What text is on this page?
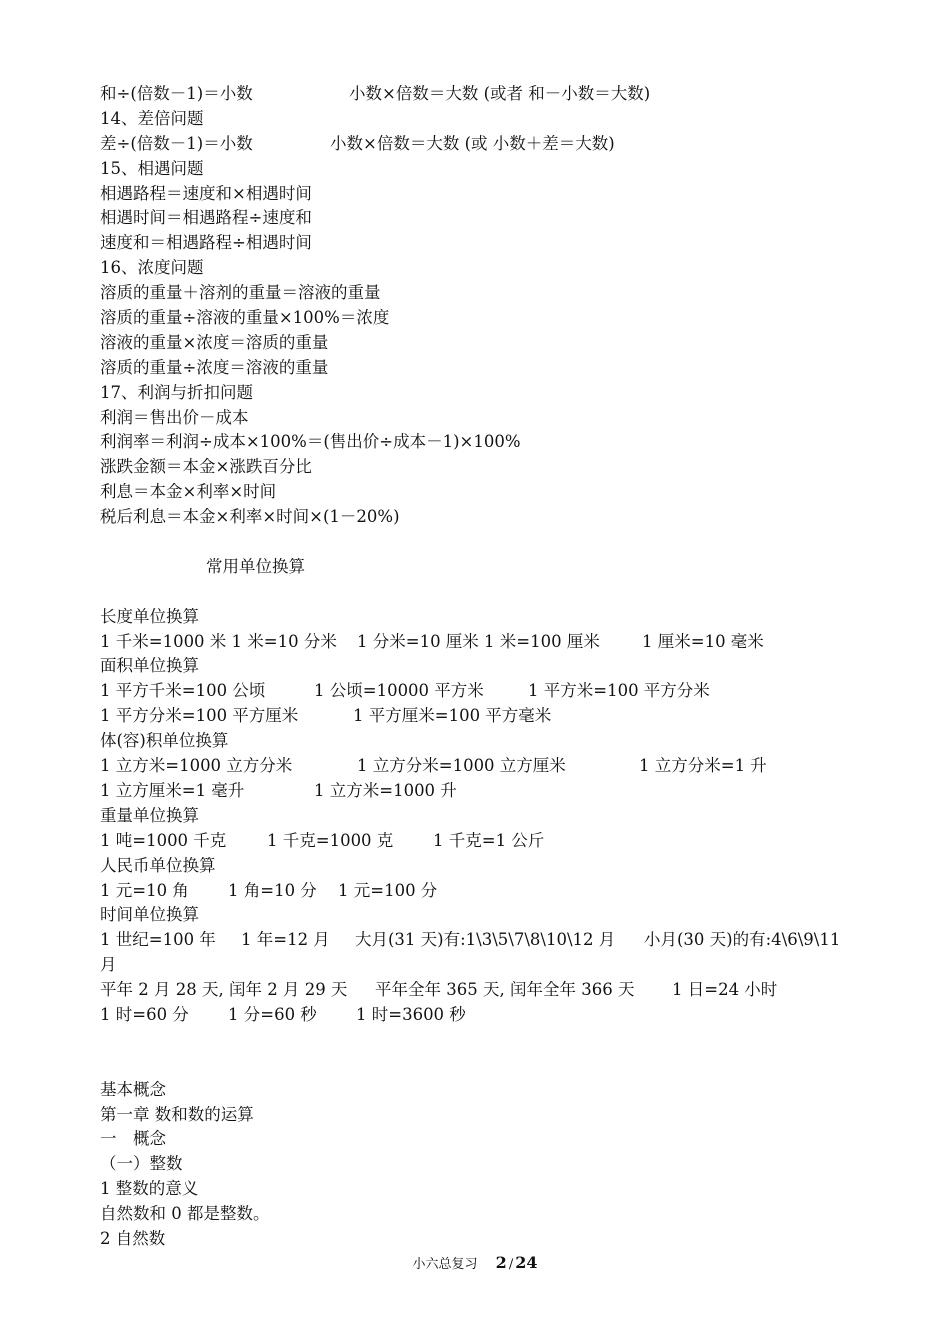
和÷(倍数－1)＝小数	小数×倍数＝大数 (或者 和－小数＝大数)
14、差倍问题
差÷(倍数－1)＝小数	小数×倍数＝大数 (或 小数＋差＝大数)
15、相遇问题
相遇路程＝速度和×相遇时间
相遇时间＝相遇路程÷速度和
速度和＝相遇路程÷相遇时间
16、浓度问题
溶质的重量＋溶剂的重量＝溶液的重量
溶质的重量÷溶液的重量×100%＝浓度
溶液的重量×浓度＝溶质的重量
溶质的重量÷浓度＝溶液的重量
17、利润与折扣问题
利润＝售出价－成本
利润率＝利润÷成本×100%＝(售出价÷成本－1)×100%
涨跌金额＝本金×涨跌百分比
利息＝本金×利率×时间
税后利息＝本金×利率×时间×(1－20%)
常用单位换算
长度单位换算
1 千米=1000 米 1 米=10 分米 1 分米=10 厘米 1 米=100 厘米	1 厘米=10 毫米
面积单位换算
1 平方千米=100 公顷	1 公顷=10000 平方米	1 平方米=100 平方分米
1 平方分米=100 平方厘米	1 平方厘米=100 平方毫米
体(容)积单位换算
1 立方米=1000 立方分米	1 立方分米=1000 立方厘米	1 立方分米=1 升
1 立方厘米=1 毫升	1 立方米=1000 升
重量单位换算
1 吨=1000 千克 1 千克=1000 克 1 千克=1 公斤
人民币单位换算
1 元=10 角 1 角=10 分 1 元=100 分
时间单位换算
1 世纪=100 年 1 年=12 月 大月(31 天)有:1\3\5\7\8\10\12 月 小月(30 天)的有:4\6\9\11
月
平年 2 月 28 天, 闰年 2 月 29 天 平年全年 365 天, 闰年全年 366 天 1 日=24 小时
1 时=60 分 1 分=60 秒 1 时=3600 秒
基本概念
第一章 数和数的运算
一　概念
（一）整数
1 整数的意义
自然数和 0 都是整数。
2 自然数
小六总复习 2 / 24
